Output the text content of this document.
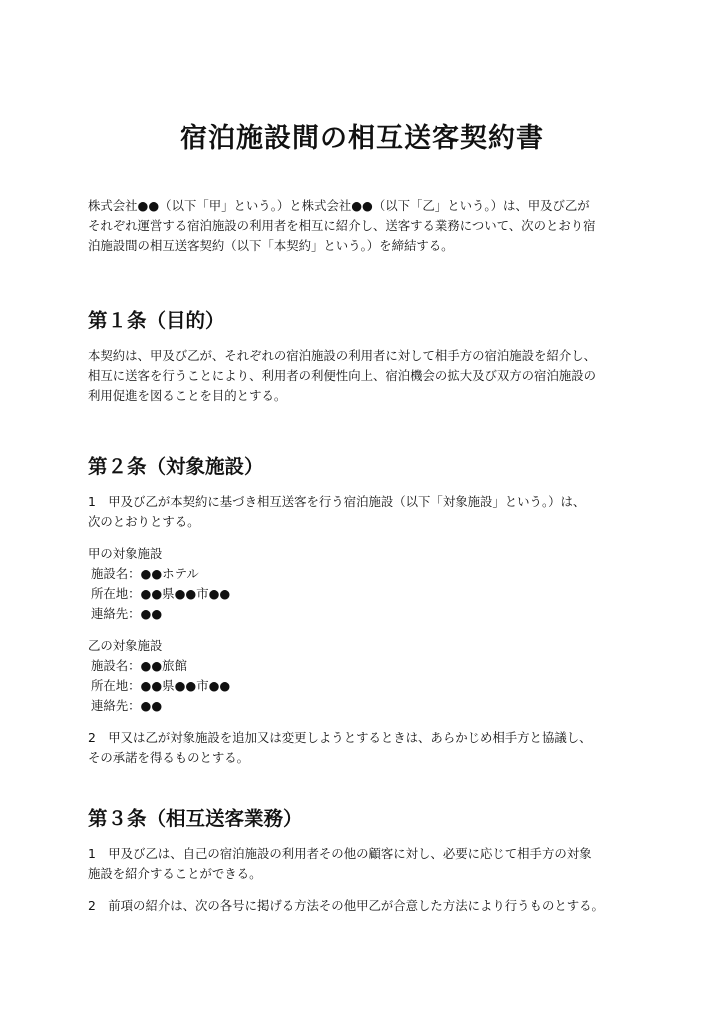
宿泊施設間の相互送客契約書

株式会社●●（以下「甲」という。）と株式会社●●（以下「乙」という。）は、甲及び乙が

それぞれ運営する宿泊施設の利用者を相互に紹介し、送客する業務について、次のとおり宿

泊施設間の相互送客契約（以下「本契約」という。）を締結する。

第１条（目的）

本契約は、甲及び乙が、それぞれの宿泊施設の利用者に対して相手方の宿泊施設を紹介し、

相互に送客を行うことにより、利用者の利便性向上、宿泊機会の拡大及び双方の宿泊施設の

利用促進を図ることを目的とする。

第２条（対象施設）

1　甲及び乙が本契約に基づき相互送客を行う宿泊施設（以下「対象施設」という。）は、

次のとおりとする。

甲の対象施設

施設名：●●ホテル

所在地：●●県●●市●●

連絡先：●●

乙の対象施設

施設名：●●旅館

所在地：●●県●●市●●

連絡先：●●

2　甲又は乙が対象施設を追加又は変更しようとするときは、あらかじめ相手方と協議し、

その承諾を得るものとする。

第３条（相互送客業務）

1　甲及び乙は、自己の宿泊施設の利用者その他の顧客に対し、必要に応じて相手方の対象

施設を紹介することができる。

2　前項の紹介は、次の各号に掲げる方法その他甲乙が合意した方法により行うものとする。
